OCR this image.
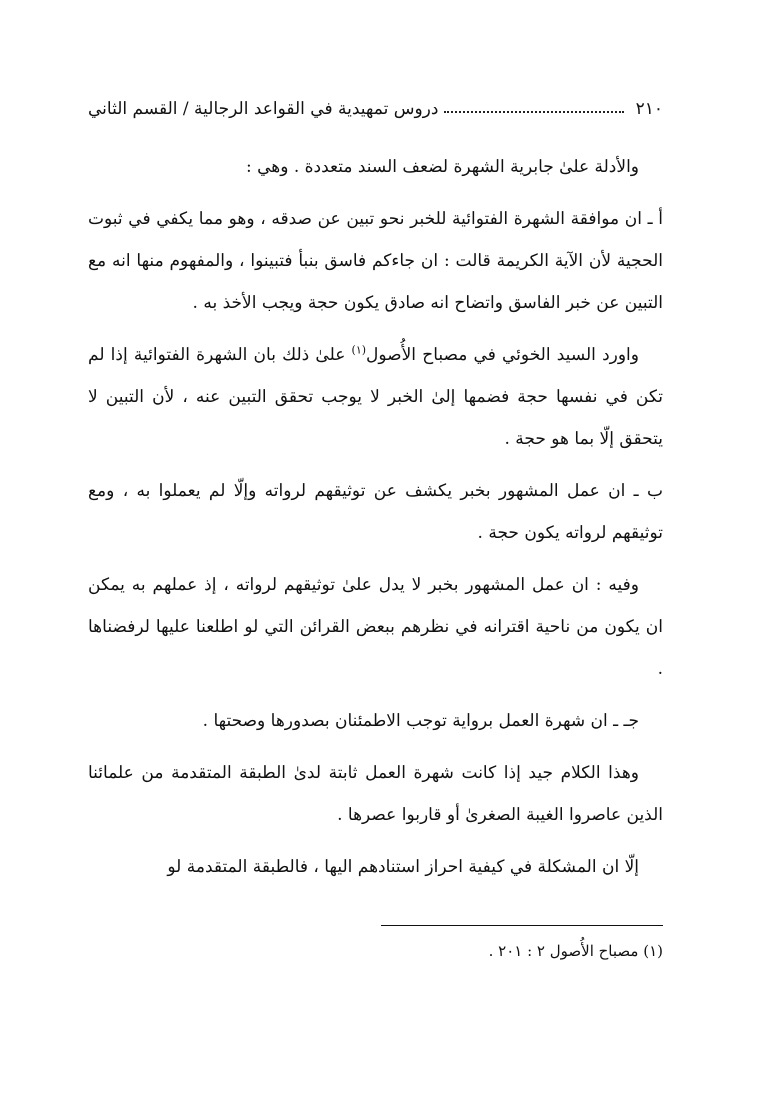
٢١٠
دروس تمهيدية في القواعد الرجالية / القسم الثاني

والأدلة علىٰ جابرية الشهرة لضعف السند متعددة . وهي :

أ ـ ان موافقة الشهرة الفتوائية للخبر نحو تبين عن صدقه ، وهو مما يكفي في ثبوت الحجية لأن الآية الكريمة قالت : ان جاءكم فاسق بنبأ فتبينوا ، والمفهوم منها انه مع التبين عن خبر الفاسق واتضاح انه صادق يكون حجة ويجب الأخذ به .

واورد السيد الخوئي في مصباح الأُصول$^{(١)}$ علىٰ ذلك بان الشهرة الفتوائية إذا لم تكن في نفسها حجة فضمها إلىٰ الخبر لا يوجب تحقق التبين عنه ، لأن التبين لا يتحقق إلّا بما هو حجة .

ب ـ ان عمل المشهور بخبر يكشف عن توثيقهم لرواته وإلّا لم يعملوا به ، ومع توثيقهم لرواته يكون حجة .

وفيه : ان عمل المشهور بخبر لا يدل علىٰ توثيقهم لرواته ، إذ عملهم به يمكن ان يكون من ناحية اقترانه في نظرهم ببعض القرائن التي لو اطلعنا عليها لرفضناها .

جـ ـ ان شهرة العمل برواية توجب الاطمئنان بصدورها وصحتها .

وهذا الكلام جيد إذا كانت شهرة العمل ثابتة لدىٰ الطبقة المتقدمة من علمائنا الذين عاصروا الغيبة الصغرىٰ أو قاربوا عصرها .

إلّا ان المشكلة في كيفية احراز استنادهم اليها ، فالطبقة المتقدمة لو

(١) مصباح الأُصول ٢ : ٢٠١ .
